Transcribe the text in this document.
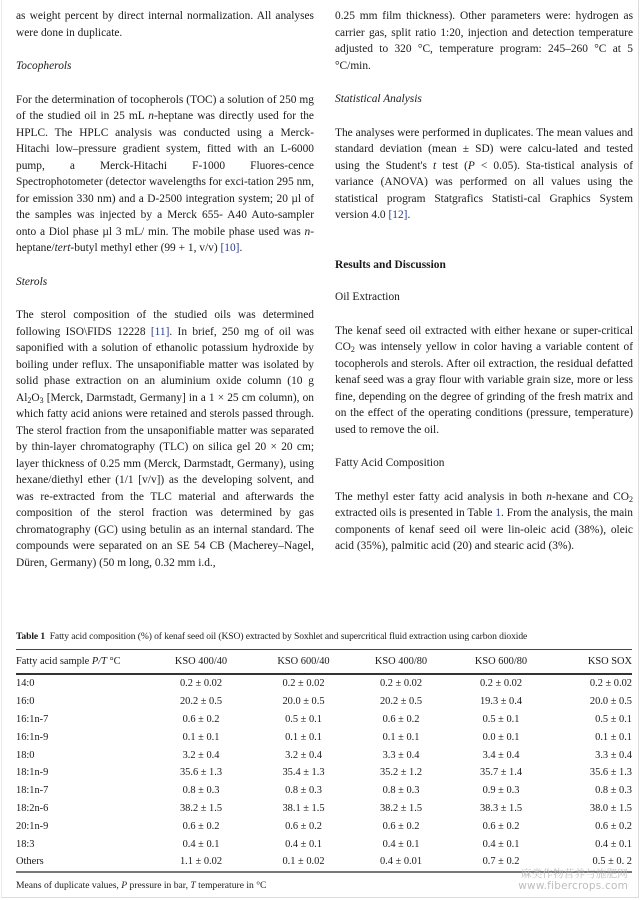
as weight percent by direct internal normalization. All analyses were done in duplicate.

Tocopherols

For the determination of tocopherols (TOC) a solution of 250 mg of the studied oil in 25 mL n-heptane was directly used for the HPLC. The HPLC analysis was conducted using a Merck-Hitachi low–pressure gradient system, fitted with an L-6000 pump, a Merck-Hitachi F-1000 Fluores-cence Spectrophotometer (detector wavelengths for exci-tation 295 nm, for emission 330 nm) and a D-2500 integration system; 20 µl of the samples was injected by a Merck 655- A40 Auto-sampler onto a Diol phase µl 3 mL/ min. The mobile phase used was n-heptane/tert-butyl methyl ether (99 + 1, v/v) [10].

Sterols

The sterol composition of the studied oils was determined following ISO\FIDS 12228 [11]. In brief, 250 mg of oil was saponified with a solution of ethanolic potassium hydroxide by boiling under reflux. The unsaponifiable matter was isolated by solid phase extraction on an aluminium oxide column (10 g $Al_2O_3$ [Merck, Darmstadt, Germany] in a 1 × 25 cm column), on which fatty acid anions were retained and sterols passed through. The sterol fraction from the unsaponifiable matter was separated by thin-layer chromatography (TLC) on silica gel 20 × 20 cm; layer thickness of 0.25 mm (Merck, Darmstadt, Germany), using hexane/diethyl ether (1/1 [v/v]) as the developing solvent, and was re-extracted from the TLC material and afterwards the composition of the sterol fraction was determined by gas chromatography (GC) using betulin as an internal standard. The compounds were separated on an SE 54 CB (Macherey–Nagel, Düren, Germany) (50 m long, 0.32 mm i.d.,

0.25 mm film thickness). Other parameters were: hydrogen as carrier gas, split ratio 1:20, injection and detection temperature adjusted to 320 °C, temperature program: 245–260 °C at 5 °C/min.

Statistical Analysis

The analyses were performed in duplicates. The mean values and standard deviation (mean ± SD) were calcu-lated and tested using the Student's t test (P < 0.05). Sta-tistical analysis of variance (ANOVA) was performed on all values using the statistical program Statgrafics Statisti-cal Graphics System version 4.0 [12].

Results and Discussion

Oil Extraction

The kenaf seed oil extracted with either hexane or super-critical $CO_2$ was intensely yellow in color having a variable content of tocopherols and sterols. After oil extraction, the residual defatted kenaf seed was a gray flour with variable grain size, more or less fine, depending on the degree of grinding of the fresh matrix and on the effect of the operating conditions (pressure, temperature) used to remove the oil.

Fatty Acid Composition

The methyl ester fatty acid analysis in both n-hexane and $CO_2$ extracted oils is presented in Table 1. From the analysis, the main components of kenaf seed oil were lin-oleic acid (38%), oleic acid (35%), palmitic acid (20) and stearic acid (3%).

Table 1 Fatty acid composition (%) of kenaf seed oil (KSO) extracted by Soxhlet and supercritical fluid extraction using carbon dioxide

Fatty acid sample P/T °C	KSO 400/40	KSO 600/40	KSO 400/80	KSO 600/80	KSO SOX

14:0	0.2 ± 0.02	0.2 ± 0.02	0.2 ± 0.02	0.2 ± 0.02	0.2 ± 0.02
16:0	20.2 ± 0.5	20.0 ± 0.5	20.2 ± 0.5	19.3 ± 0.4	20.0 ± 0.5
16:1n-7	0.6 ± 0.2	0.5 ± 0.1	0.6 ± 0.2	0.5 ± 0.1	0.5 ± 0.1
16:1n-9	0.1 ± 0.1	0.1 ± 0.1	0.1 ± 0.1	0.0 ± 0.1	0.1 ± 0.1
18:0	3.2 ± 0.4	3.2 ± 0.4	3.3 ± 0.4	3.4 ± 0.4	3.3 ± 0.4
18:1n-9	35.6 ± 1.3	35.4 ± 1.3	35.2 ± 1.2	35.7 ± 1.4	35.6 ± 1.3
18:1n-7	0.8 ± 0.3	0.8 ± 0.3	0.8 ± 0.3	0.9 ± 0.3	0.8 ± 0.3
18:2n-6	38.2 ± 1.5	38.1 ± 1.5	38.2 ± 1.5	38.3 ± 1.5	38.0 ± 1.5
20:1n-9	0.6 ± 0.2	0.6 ± 0.2	0.6 ± 0.2	0.6 ± 0.2	0.6 ± 0.2
18:3	0.4 ± 0.1	0.4 ± 0.1	0.4 ± 0.1	0.4 ± 0.1	0.4 ± 0.1
Others	1.1 ± 0.02	0.1 ± 0.02	0.4 ± 0.01	0.7 ± 0.2	0.5 ± 0. 2

Means of duplicate values, P pressure in bar, T temperature in °C

麻类作物营养与施肥网
www.fibercrops.com
